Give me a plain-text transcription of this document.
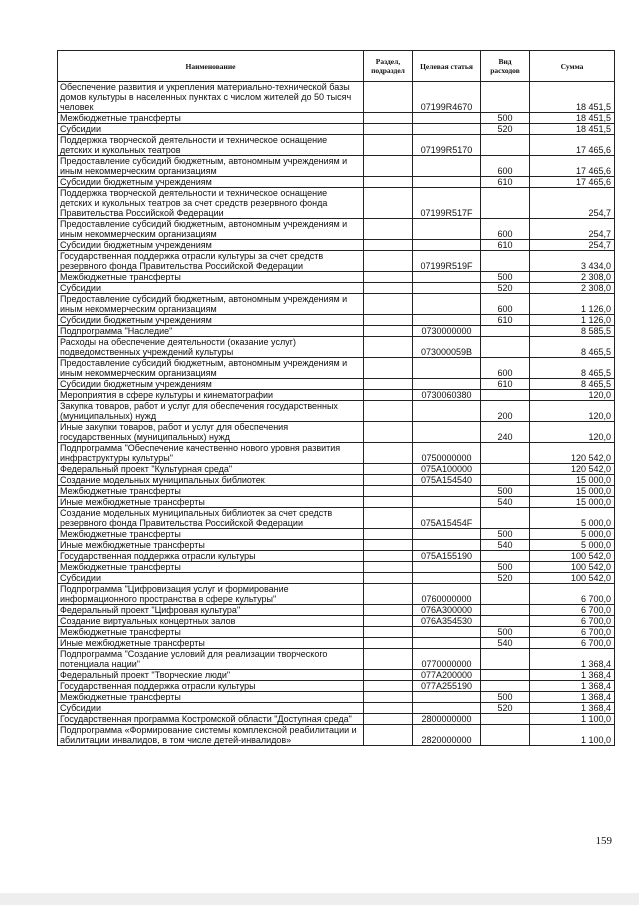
Наименование	Раздел, подраздел	Целевая статья	Вид расходов	Сумма
Обеспечение развития и укрепления материально-технической базы домов культуры в населенных пунктах с числом жителей до 50 тысяч человек		07199R4670		18 451,5
Межбюджетные трансферты			500	18 451,5
Субсидии			520	18 451,5
Поддержка творческой деятельности и техническое оснащение детских и кукольных театров		07199R5170		17 465,6
Предоставление субсидий бюджетным, автономным учреждениям и иным некоммерческим организациям			600	17 465,6
Субсидии бюджетным учреждениям			610	17 465,6
Поддержка творческой деятельности и техническое оснащение детских и кукольных театров за счет средств резервного фонда Правительства Российской Федерации		07199R517F		254,7
Предоставление субсидий бюджетным, автономным учреждениям и иным некоммерческим организациям			600	254,7
Субсидии бюджетным учреждениям			610	254,7
Государственная поддержка отрасли культуры за счет средств резервного фонда Правительства Российской Федерации		07199R519F		3 434,0
Межбюджетные трансферты			500	2 308,0
Субсидии			520	2 308,0
Предоставление субсидий бюджетным, автономным учреждениям и иным некоммерческим организациям			600	1 126,0
Субсидии бюджетным учреждениям			610	1 126,0
Подпрограмма "Наследие"		0730000000		8 585,5
Расходы на обеспечение деятельности (оказание услуг) подведомственных учреждений культуры		073000059В		8 465,5
Предоставление субсидий бюджетным, автономным учреждениям и иным некоммерческим организациям			600	8 465,5
Субсидии бюджетным учреждениям			610	8 465,5
Мероприятия в сфере культуры и кинематографии		0730060380		120,0
Закупка товаров, работ и услуг для обеспечения государственных (муниципальных) нужд			200	120,0
Иные закупки товаров, работ и услуг для обеспечения государственных (муниципальных) нужд			240	120,0
Подпрограмма "Обеспечение качественно нового уровня развития инфраструктуры культуры"		0750000000		120 542,0
Федеральный проект "Культурная среда"		075A100000		120 542,0
Создание модельных муниципальных библиотек		075A154540		15 000,0
Межбюджетные трансферты			500	15 000,0
Иные межбюджетные трансферты			540	15 000,0
Создание модельных муниципальных библиотек за счет средств резервного фонда Правительства Российской Федерации		075A15454F		5 000,0
Межбюджетные трансферты			500	5 000,0
Иные межбюджетные трансферты			540	5 000,0
Государственная поддержка отрасли культуры		075A155190		100 542,0
Межбюджетные трансферты			500	100 542,0
Субсидии			520	100 542,0
Подпрограмма "Цифровизация услуг и формирование информационного пространства в сфере культуры"		0760000000		6 700,0
Федеральный проект "Цифровая культура"		076A300000		6 700,0
Создание виртуальных концертных залов		076A354530		6 700,0
Межбюджетные трансферты			500	6 700,0
Иные межбюджетные трансферты			540	6 700,0
Подпрограмма "Создание условий для реализации творческого потенциала нации"		0770000000		1 368,4
Федеральный проект "Творческие люди"		077A200000		1 368,4
Государственная поддержка отрасли культуры		077A255190		1 368,4
Межбюджетные трансферты			500	1 368,4
Субсидии			520	1 368,4
Государственная программа Костромской области "Доступная среда"		2800000000		1 100,0
Подпрограмма «Формирование системы комплексной реабилитации и абилитации инвалидов, в том числе детей-инвалидов»		2820000000		1 100,0
159
